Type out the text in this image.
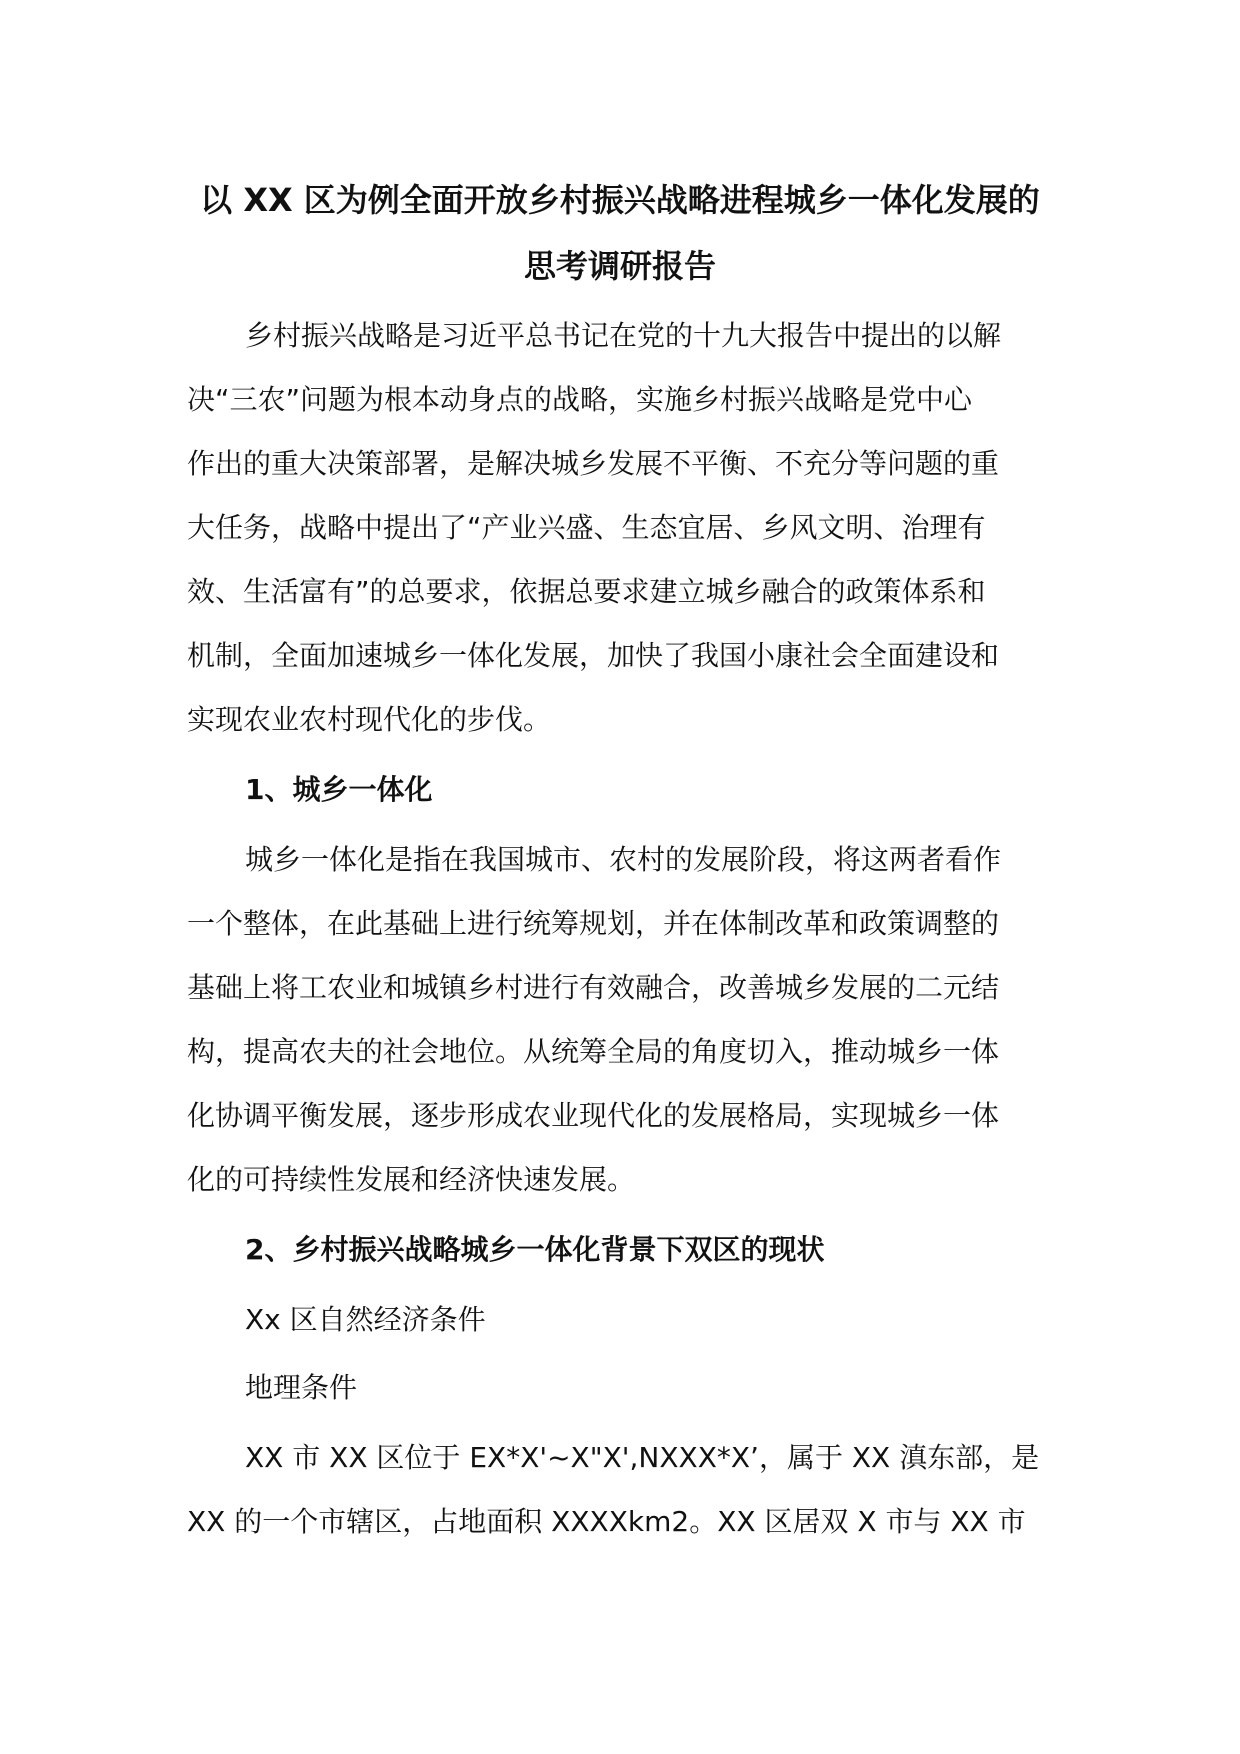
以 XX 区为例全面开放乡村振兴战略进程城乡一体化发展的
思考调研报告
乡村振兴战略是习近平总书记在党的十九大报告中提出的以解
决“三农”问题为根本动身点的战略，实施乡村振兴战略是党中心
作出的重大决策部署，是解决城乡发展不平衡、不充分等问题的重
大任务，战略中提出了“产业兴盛、生态宜居、乡风文明、治理有
效、生活富有”的总要求，依据总要求建立城乡融合的政策体系和
机制，全面加速城乡一体化发展，加快了我国小康社会全面建设和
实现农业农村现代化的步伐。
1、城乡一体化
城乡一体化是指在我国城市、农村的发展阶段，将这两者看作
一个整体，在此基础上进行统筹规划，并在体制改革和政策调整的
基础上将工农业和城镇乡村进行有效融合，改善城乡发展的二元结
构，提高农夫的社会地位。从统筹全局的角度切入，推动城乡一体
化协调平衡发展，逐步形成农业现代化的发展格局，实现城乡一体
化的可持续性发展和经济快速发展。
2、乡村振兴战略城乡一体化背景下双区的现状
Xx 区自然经济条件
地理条件
XX 市 XX 区位于 EX*X'~X"X',NXXX*X’，属于 XX 滇东部，是
XX 的一个市辖区，占地面积 XXXXkm2。XX 区居双 X 市与 XX 市
